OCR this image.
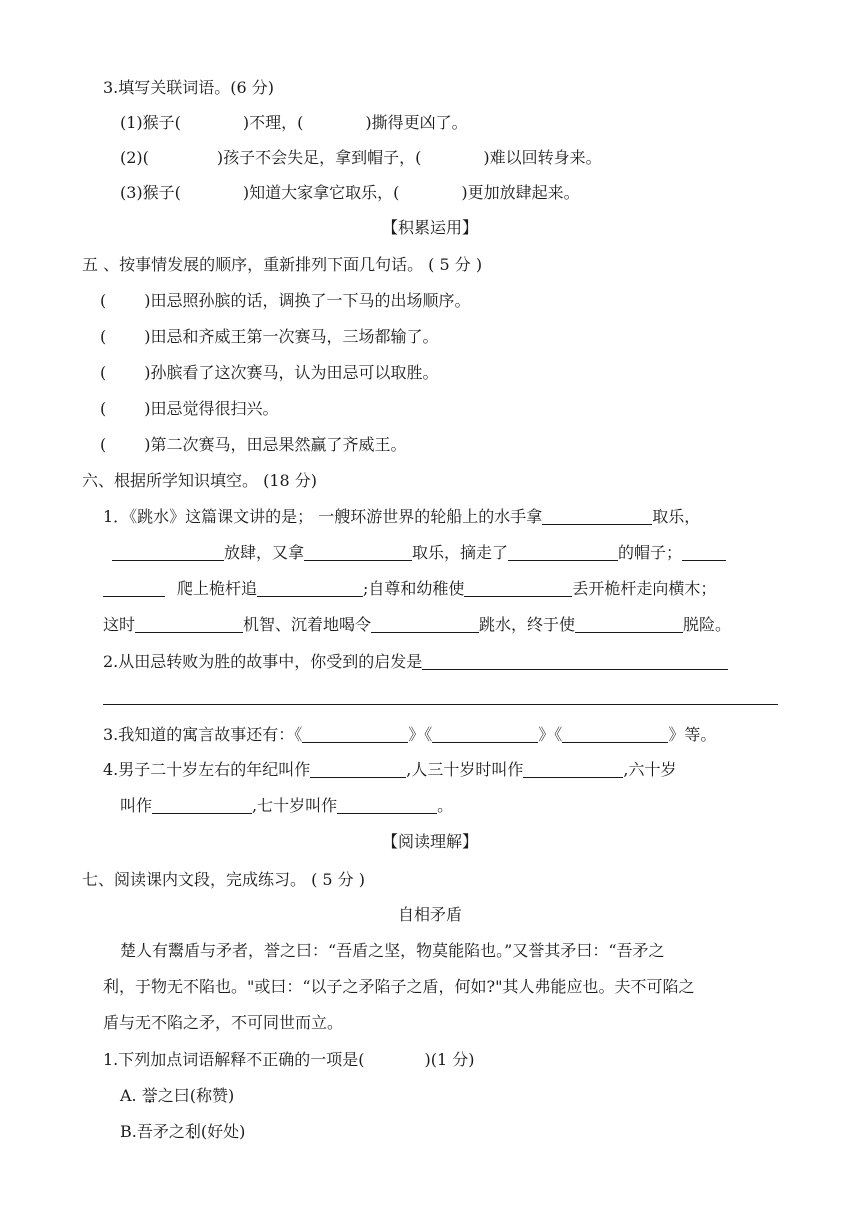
3.填写关联词语。(6 分)
(1)猴子(	)不理，(	)撕得更凶了。
(2)(	)孩子不会失足，拿到帽子，(	)难以回转身来。
(3)猴子(	)知道大家拿它取乐，(	)更加放肆起来。
【积累运用】
五 、按事情发展的顺序，重新排列下面几句话。 ( 5 分 )
( )田忌照孙膑的话，调换了一下马的出场顺序。
( )田忌和齐威王第一次赛马，三场都输了。
( )孙膑看了这次赛马，认为田忌可以取胜。
( )田忌觉得很扫兴。
( )第二次赛马，田忌果然赢了齐威王。
六、根据所学知识填空。 (18 分)
1．《跳水》这篇课文讲的是； 一艘环游世界的轮船上的水手拿	取乐，
放肆，又拿	取乐，摘走了	的帽子；
爬上桅杆追	;自尊和幼稚使	丢开桅杆走向横木；
这时	机智、沉着地喝令	跳水，终于使	脱险。
2.从田忌转败为胜的故事中，你受到的启发是
3.我知道的寓言故事还有：《	》《	》《	》等。
4.男子二十岁左右的年纪叫作	,人三十岁时叫作	,六十岁
叫作	,七十岁叫作	。
【阅读理解】
七、阅读课内文段，完成练习。 ( 5 分 )
自相矛盾
楚人有鬻盾与矛者，誉之曰：“吾盾之坚，物莫能陷也。”又誉其矛曰：“吾矛之
利，于物无不陷也。"或曰：“以子之矛陷子之盾，何如?"其人弗能应也。夫不可陷之
盾与无不陷之矛，不可同世而立。
1.下列加点词语解释不正确的一项是(	)(1 分)
A. 誉之曰(称赞)
B.吾矛之利(好处)
